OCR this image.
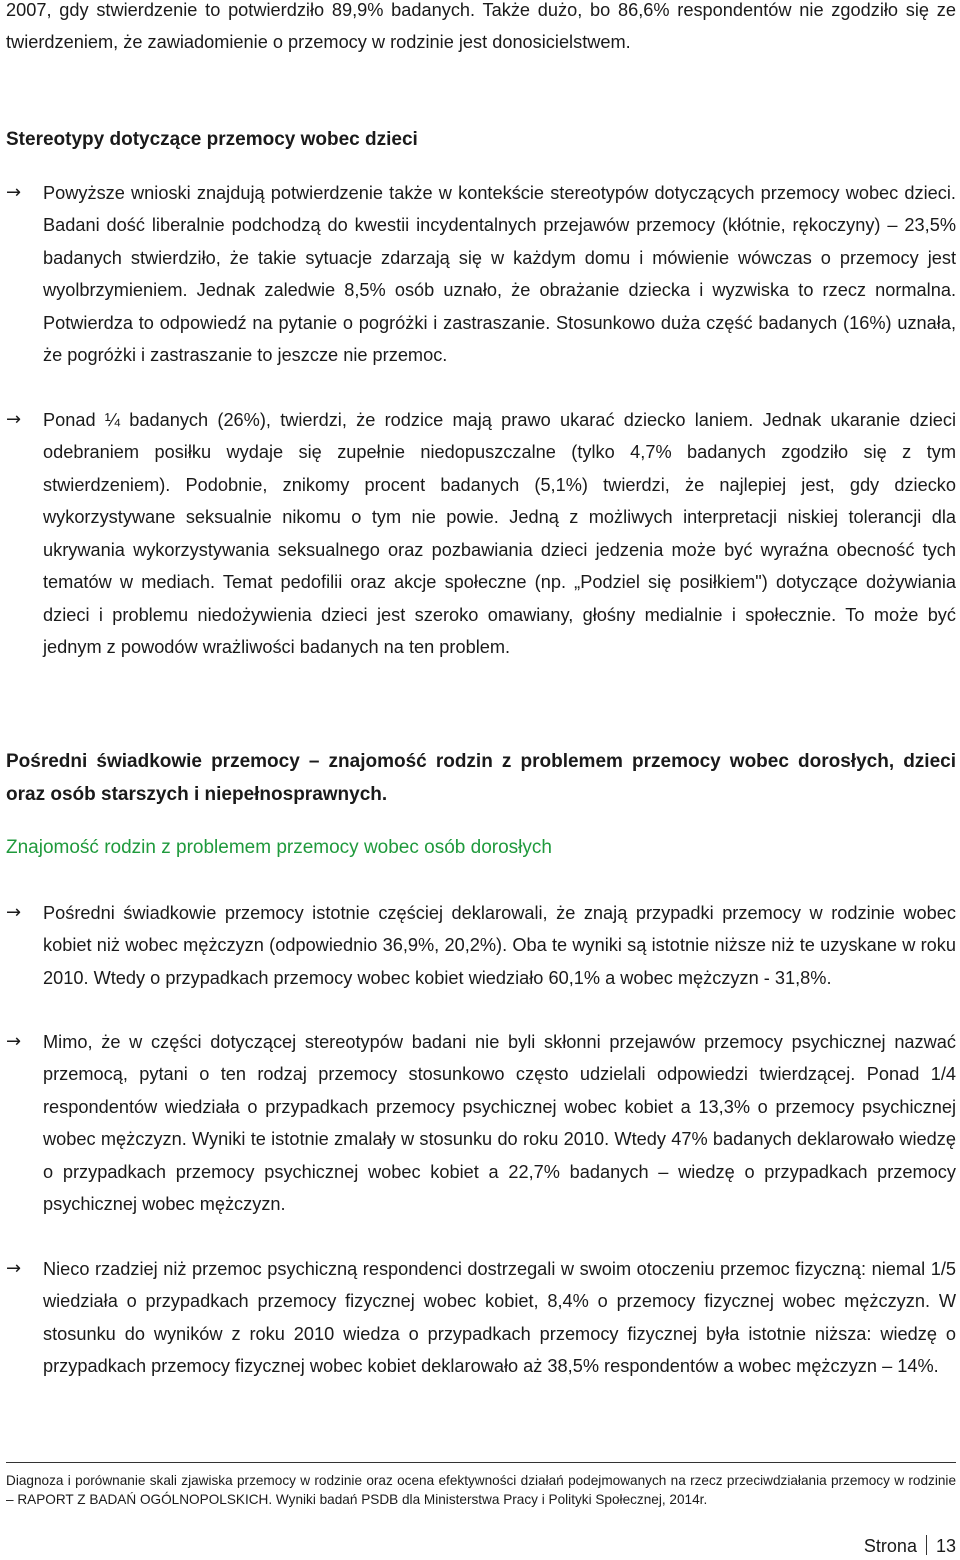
2007, gdy stwierdzenie to potwierdziło 89,9% badanych. Także dużo, bo 86,6% respondentów nie zgodziło się ze twierdzeniem, że zawiadomienie o przemocy w rodzinie jest donosicielstwem.

Stereotypy dotyczące przemocy wobec dzieci
→	Powyższe wnioski znajdują potwierdzenie także w kontekście stereotypów dotyczących przemocy wobec dzieci. Badani dość liberalnie podchodzą do kwestii incydentalnych przejawów przemocy (kłótnie, rękoczyny) – 23,5% badanych stwierdziło, że takie sytuacje zdarzają się w każdym domu i mówienie wówczas o przemocy jest wyolbrzymieniem. Jednak zaledwie 8,5% osób uznało, że obrażanie dziecka i wyzwiska to rzecz normalna. Potwierdza to odpowiedź na pytanie o pogróżki i zastraszanie. Stosunkowo duża część badanych (16%) uznała, że pogróżki i zastraszanie to jeszcze nie przemoc.

→	Ponad ¼ badanych (26%), twierdzi, że rodzice mają prawo ukarać dziecko laniem. Jednak ukaranie dzieci odebraniem posiłku wydaje się zupełnie niedopuszczalne (tylko 4,7% badanych zgodziło się z tym stwierdzeniem). Podobnie, znikomy procent badanych (5,1%) twierdzi, że najlepiej jest, gdy dziecko wykorzystywane seksualnie nikomu o tym nie powie. Jedną z możliwych interpretacji niskiej tolerancji dla ukrywania wykorzystywania seksualnego oraz pozbawiania dzieci jedzenia może być wyraźna obecność tych tematów w mediach. Temat pedofilii oraz akcje społeczne (np. „Podziel się posiłkiem") dotyczące dożywiania dzieci i problemu niedożywienia dzieci jest szeroko omawiany, głośny medialnie i społecznie. To może być jednym z powodów wrażliwości badanych na ten problem.

Pośredni świadkowie przemocy – znajomość rodzin z problemem przemocy wobec dorosłych, dzieci oraz osób starszych i niepełnosprawnych.
Znajomość rodzin z problemem przemocy wobec osób dorosłych
→	Pośredni świadkowie przemocy istotnie częściej deklarowali, że znają przypadki przemocy w rodzinie wobec kobiet niż wobec mężczyzn (odpowiednio 36,9%, 20,2%). Oba te wyniki są istotnie niższe niż te uzyskane w roku 2010. Wtedy o przypadkach przemocy wobec kobiet wiedziało 60,1% a wobec mężczyzn - 31,8%.

→	Mimo, że w części dotyczącej stereotypów badani nie byli skłonni przejawów przemocy psychicznej nazwać przemocą, pytani o ten rodzaj przemocy stosunkowo często udzielali odpowiedzi twierdzącej. Ponad 1/4 respondentów wiedziała o przypadkach przemocy psychicznej wobec kobiet a 13,3% o przemocy psychicznej wobec mężczyzn. Wyniki te istotnie zmalały w stosunku do roku 2010. Wtedy 47% badanych deklarowało wiedzę o przypadkach przemocy psychicznej wobec kobiet a 22,7% badanych – wiedzę o przypadkach przemocy psychicznej wobec mężczyzn.

→	Nieco rzadziej niż przemoc psychiczną respondenci dostrzegali w swoim otoczeniu przemoc fizyczną: niemal 1/5 wiedziała o przypadkach przemocy fizycznej wobec kobiet, 8,4% o przemocy fizycznej wobec mężczyzn. W stosunku do wyników z roku 2010 wiedza o przypadkach przemocy fizycznej była istotnie niższa: wiedzę o przypadkach przemocy fizycznej wobec kobiet deklarowało aż 38,5% respondentów a wobec mężczyzn – 14%.

Diagnoza i porównanie skali zjawiska przemocy w rodzinie oraz ocena efektywności działań podejmowanych na rzecz przeciwdziałania przemocy w rodzinie – RAPORT Z BADAŃ OGÓLNOPOLSKICH. Wyniki badań PSDB dla Ministerstwa Pracy i Polityki Społecznej, 2014r.

Strona 13
